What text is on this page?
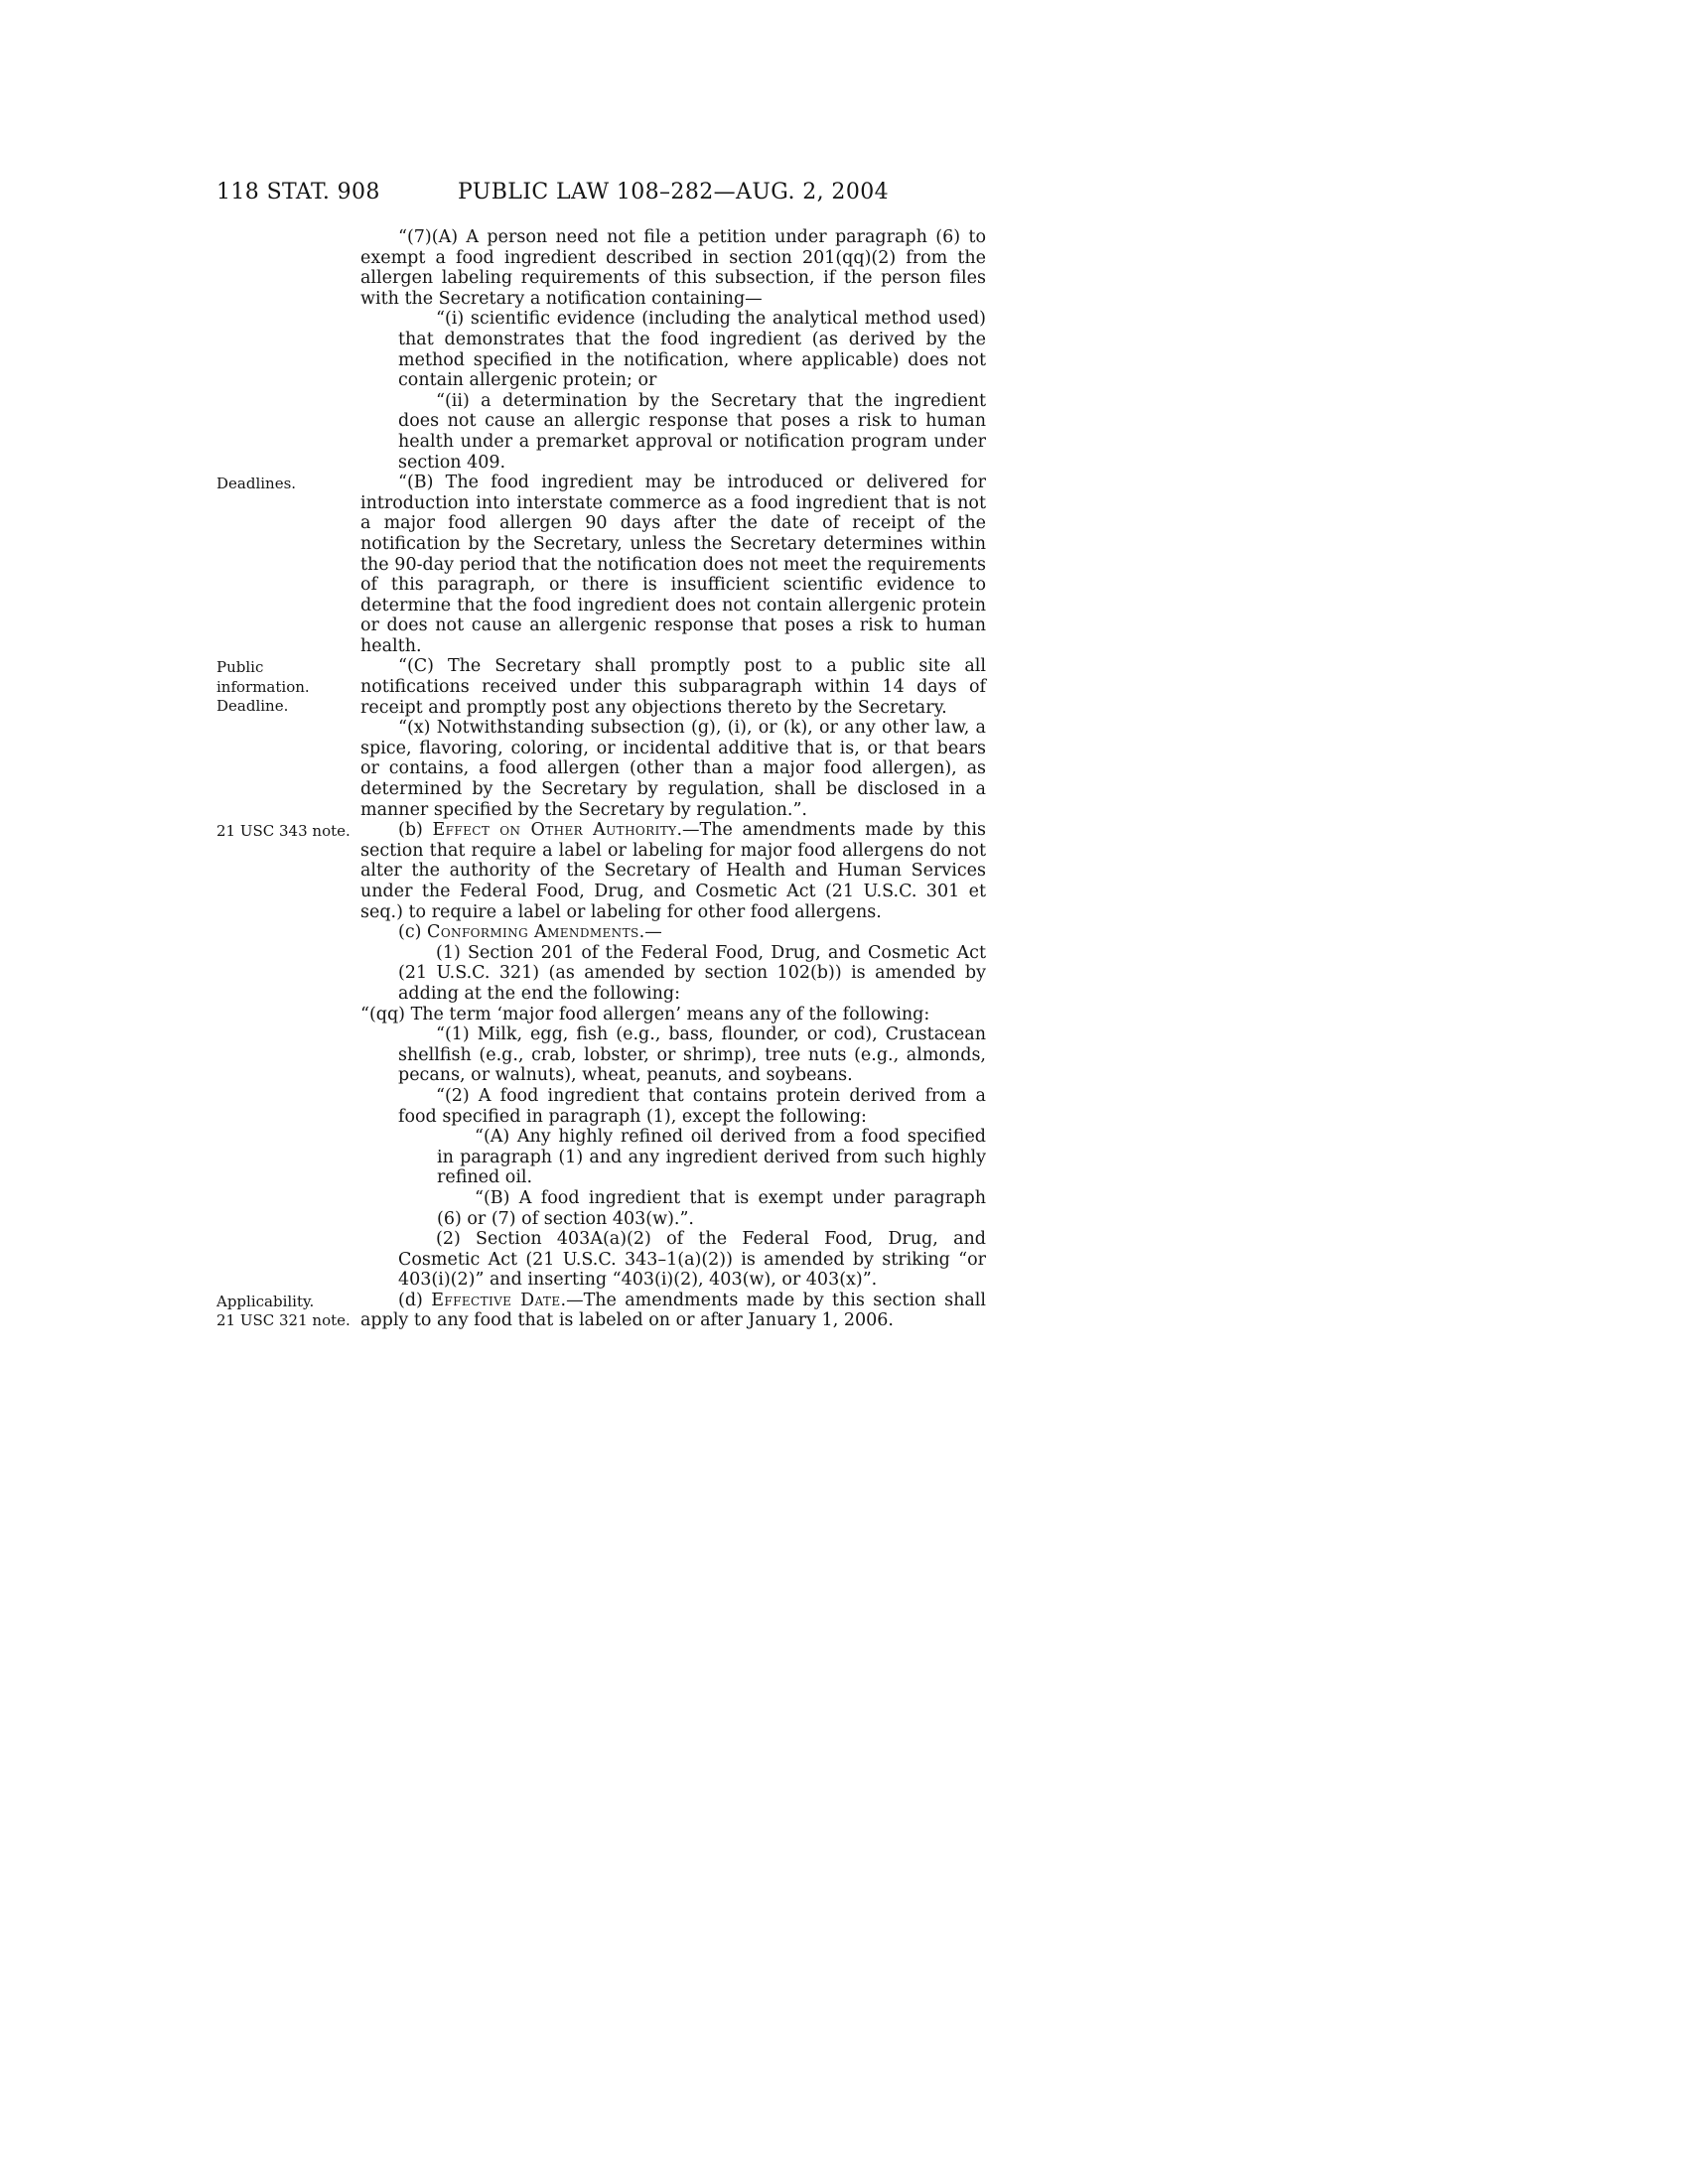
118 STAT. 908	PUBLIC LAW 108–282—AUG. 2, 2004
“(7)(A) A person need not file a petition under paragraph (6) to exempt a food ingredient described in section 201(qq)(2) from the allergen labeling requirements of this subsection, if the person files with the Secretary a notification containing—
“(i) scientific evidence (including the analytical method used) that demonstrates that the food ingredient (as derived by the method specified in the notification, where applicable) does not contain allergenic protein; or
“(ii) a determination by the Secretary that the ingredient does not cause an allergic response that poses a risk to human health under a premarket approval or notification program under section 409.
Deadlines.	“(B) The food ingredient may be introduced or delivered for introduction into interstate commerce as a food ingredient that is not a major food allergen 90 days after the date of receipt of the notification by the Secretary, unless the Secretary determines within the 90-day period that the notification does not meet the requirements of this paragraph, or there is insufficient scientific evidence to determine that the food ingredient does not contain allergenic protein or does not cause an allergenic response that poses a risk to human health.
Public
information.
Deadline.
“(C) The Secretary shall promptly post to a public site all notifications received under this subparagraph within 14 days of receipt and promptly post any objections thereto by the Secretary.
“(x) Notwithstanding subsection (g), (i), or (k), or any other law, a spice, flavoring, coloring, or incidental additive that is, or that bears or contains, a food allergen (other than a major food allergen), as determined by the Secretary by regulation, shall be disclosed in a manner specified by the Secretary by regulation.”.
21 USC 343 note.	(b) Effect on Other Authority.—The amendments made by this section that require a label or labeling for major food allergens do not alter the authority of the Secretary of Health and Human Services under the Federal Food, Drug, and Cosmetic Act (21 U.S.C. 301 et seq.) to require a label or labeling for other food allergens.
(c) Conforming Amendments.—
(1) Section 201 of the Federal Food, Drug, and Cosmetic Act (21 U.S.C. 321) (as amended by section 102(b)) is amended by adding at the end the following:
“(qq) The term ‘major food allergen’ means any of the following:
“(1) Milk, egg, fish (e.g., bass, flounder, or cod), Crustacean shellfish (e.g., crab, lobster, or shrimp), tree nuts (e.g., almonds, pecans, or walnuts), wheat, peanuts, and soybeans.
“(2) A food ingredient that contains protein derived from a food specified in paragraph (1), except the following:
“(A) Any highly refined oil derived from a food specified in paragraph (1) and any ingredient derived from such highly refined oil.
“(B) A food ingredient that is exempt under paragraph (6) or (7) of section 403(w).”.
(2) Section 403A(a)(2) of the Federal Food, Drug, and Cosmetic Act (21 U.S.C. 343–1(a)(2)) is amended by striking “or 403(i)(2)” and inserting “403(i)(2), 403(w), or 403(x)”.
Applicability.
21 USC 321 note.
(d) Effective Date.—The amendments made by this section shall apply to any food that is labeled on or after January 1, 2006.
